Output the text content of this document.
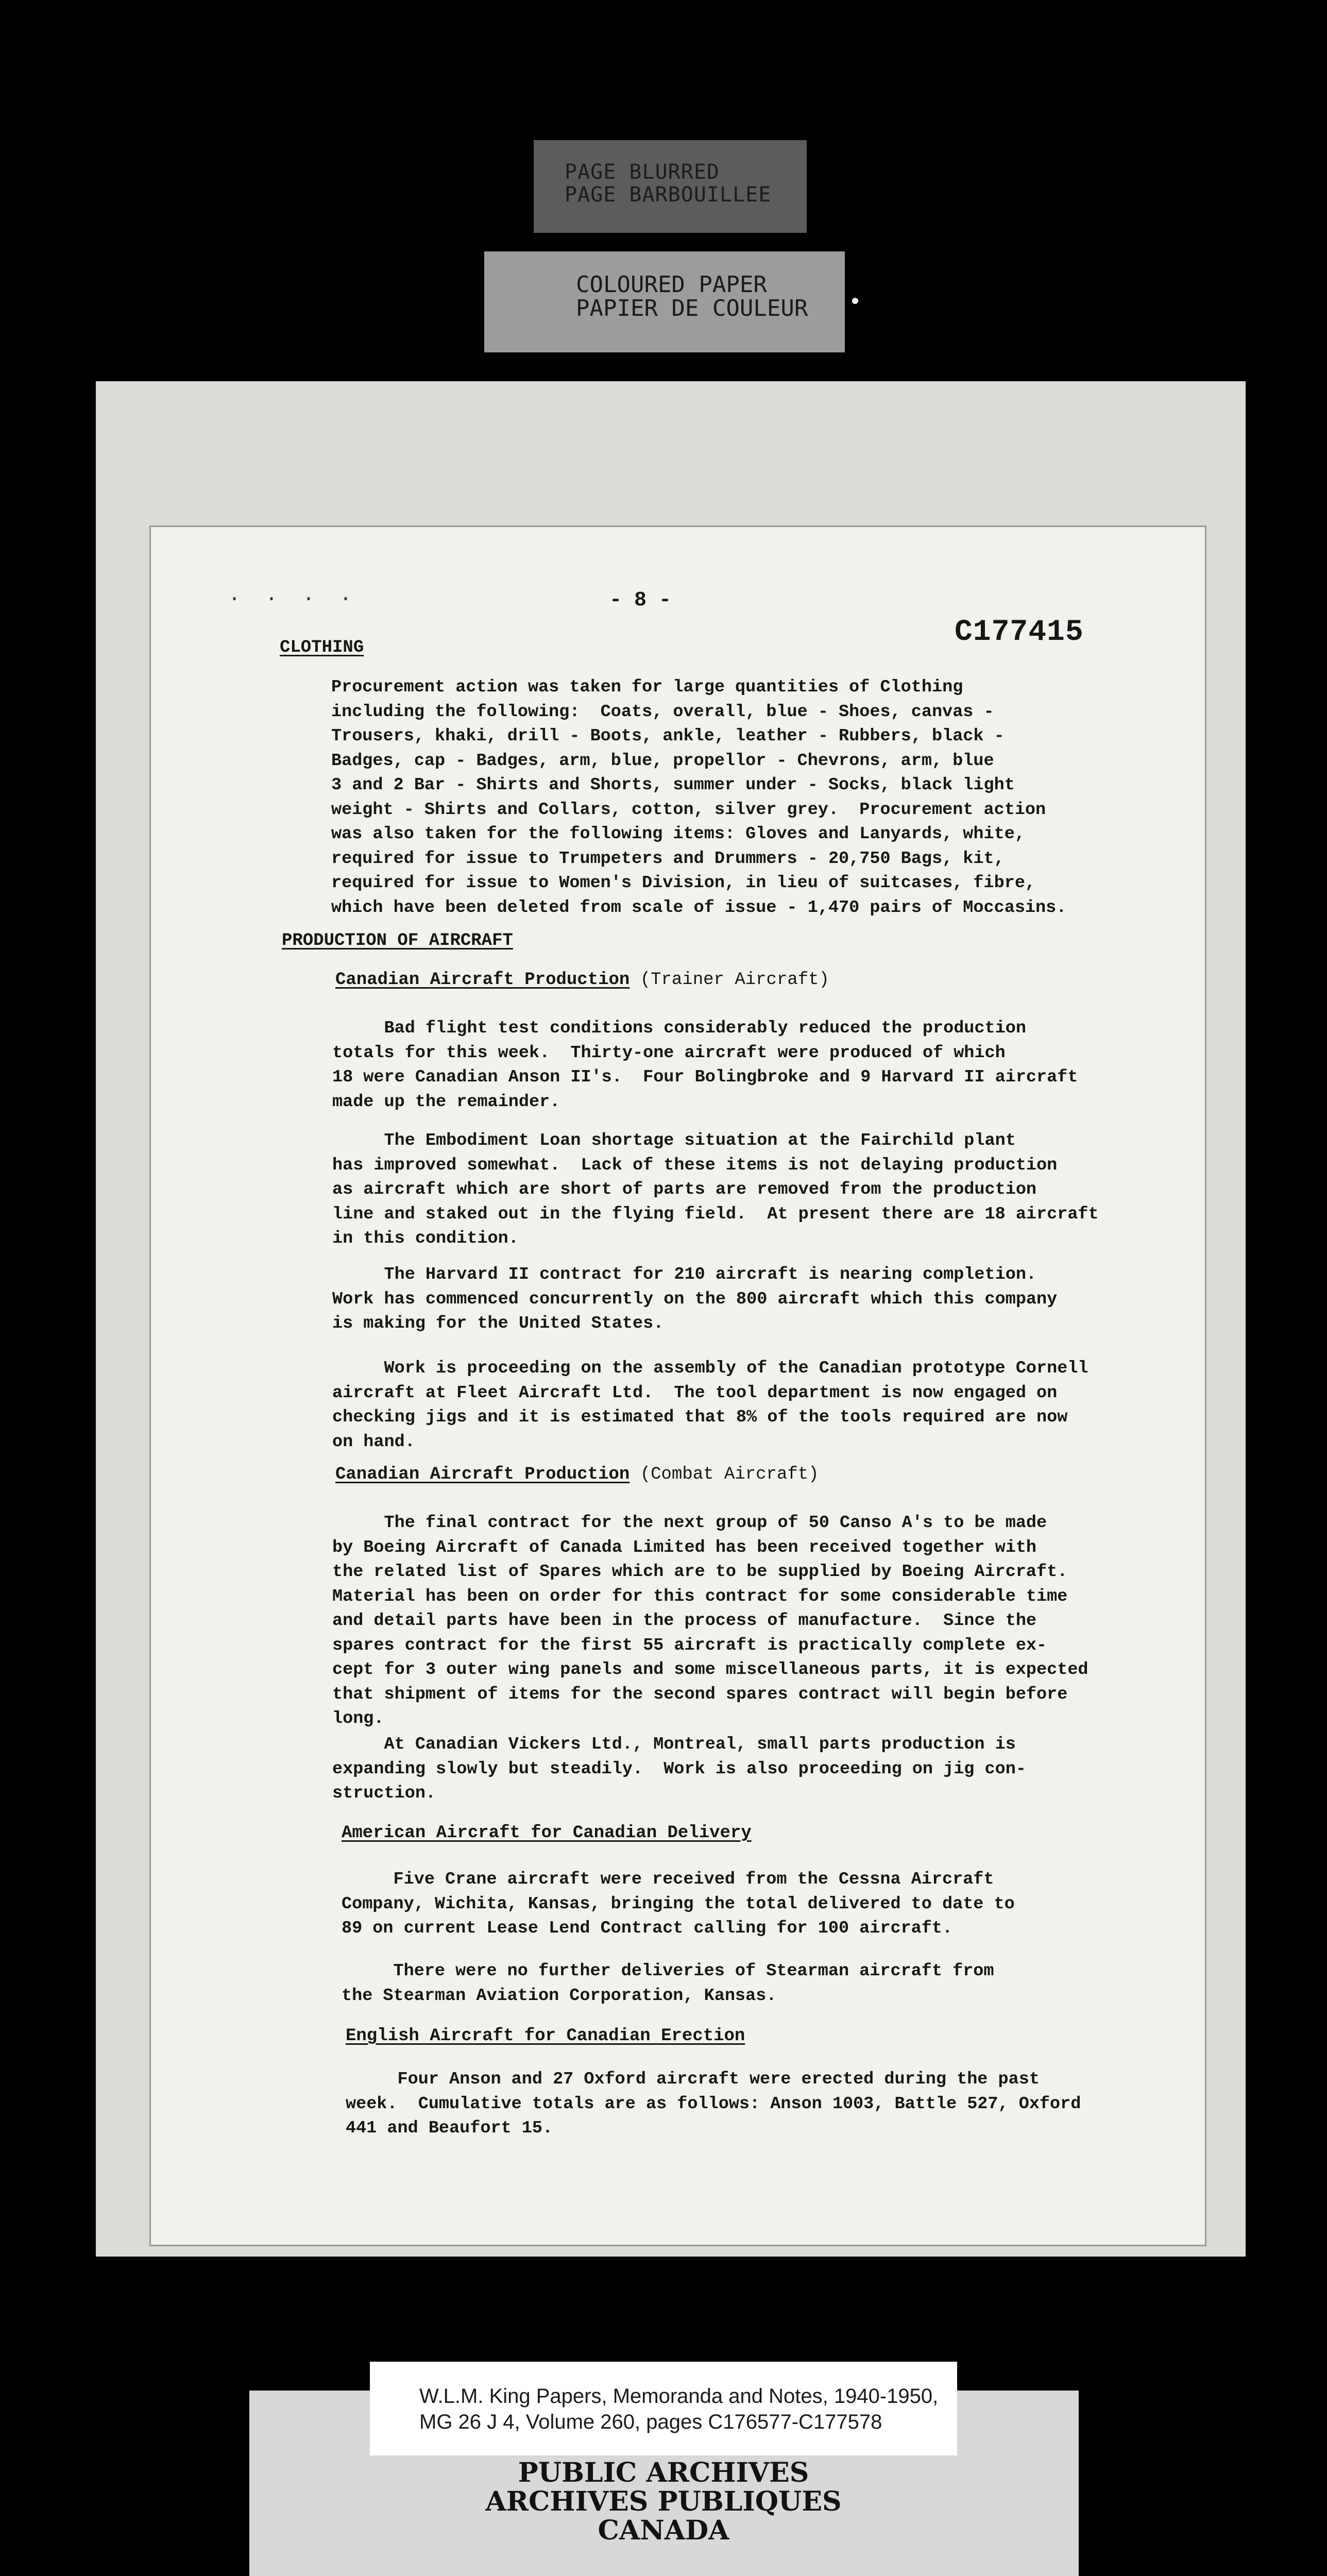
PAGE BLURRED
PAGE BARBOUILLEE
COLOURED PAPER
PAPIER DE COULEUR
. . . .	- 8 -
C177415
CLOTHING
Procurement action was taken for large quantities of Clothing
including the following:  Coats, overall, blue - Shoes, canvas -
Trousers, khaki, drill - Boots, ankle, leather - Rubbers, black -
Badges, cap - Badges, arm, blue, propellor - Chevrons, arm, blue
3 and 2 Bar - Shirts and Shorts, summer under - Socks, black light
weight - Shirts and Collars, cotton, silver grey.  Procurement action
was also taken for the following items: Gloves and Lanyards, white,
required for issue to Trumpeters and Drummers - 20,750 Bags, kit,
required for issue to Women's Division, in lieu of suitcases, fibre,
which have been deleted from scale of issue - 1,470 pairs of Moccasins.
PRODUCTION OF AIRCRAFT
Canadian Aircraft Production (Trainer Aircraft)
Bad flight test conditions considerably reduced the production
totals for this week.  Thirty-one aircraft were produced of which
18 were Canadian Anson II's.  Four Bolingbroke and 9 Harvard II aircraft
made up the remainder.
The Embodiment Loan shortage situation at the Fairchild plant
has improved somewhat.  Lack of these items is not delaying production
as aircraft which are short of parts are removed from the production
line and staked out in the flying field.  At present there are 18 aircraft
in this condition.
The Harvard II contract for 210 aircraft is nearing completion.
Work has commenced concurrently on the 800 aircraft which this company
is making for the United States.
Work is proceeding on the assembly of the Canadian prototype Cornell
aircraft at Fleet Aircraft Ltd.  The tool department is now engaged on
checking jigs and it is estimated that 8% of the tools required are now
on hand.
Canadian Aircraft Production (Combat Aircraft)
The final contract for the next group of 50 Canso A's to be made
by Boeing Aircraft of Canada Limited has been received together with
the related list of Spares which are to be supplied by Boeing Aircraft.
Material has been on order for this contract for some considerable time
and detail parts have been in the process of manufacture.  Since the
spares contract for the first 55 aircraft is practically complete ex-
cept for 3 outer wing panels and some miscellaneous parts, it is expected
that shipment of items for the second spares contract will begin before
long.
At Canadian Vickers Ltd., Montreal, small parts production is
expanding slowly but steadily.  Work is also proceeding on jig con-
struction.
American Aircraft for Canadian Delivery
Five Crane aircraft were received from the Cessna Aircraft
Company, Wichita, Kansas, bringing the total delivered to date to
89 on current Lease Lend Contract calling for 100 aircraft.
There were no further deliveries of Stearman aircraft from
the Stearman Aviation Corporation, Kansas.
English Aircraft for Canadian Erection
Four Anson and 27 Oxford aircraft were erected during the past
week.  Cumulative totals are as follows: Anson 1003, Battle 527, Oxford
441 and Beaufort 15.
W.L.M. King Papers, Memoranda and Notes, 1940-1950,
MG 26 J 4, Volume 260, pages C176577-C177578
PUBLIC ARCHIVES
ARCHIVES PUBLIQUES
CANADA
